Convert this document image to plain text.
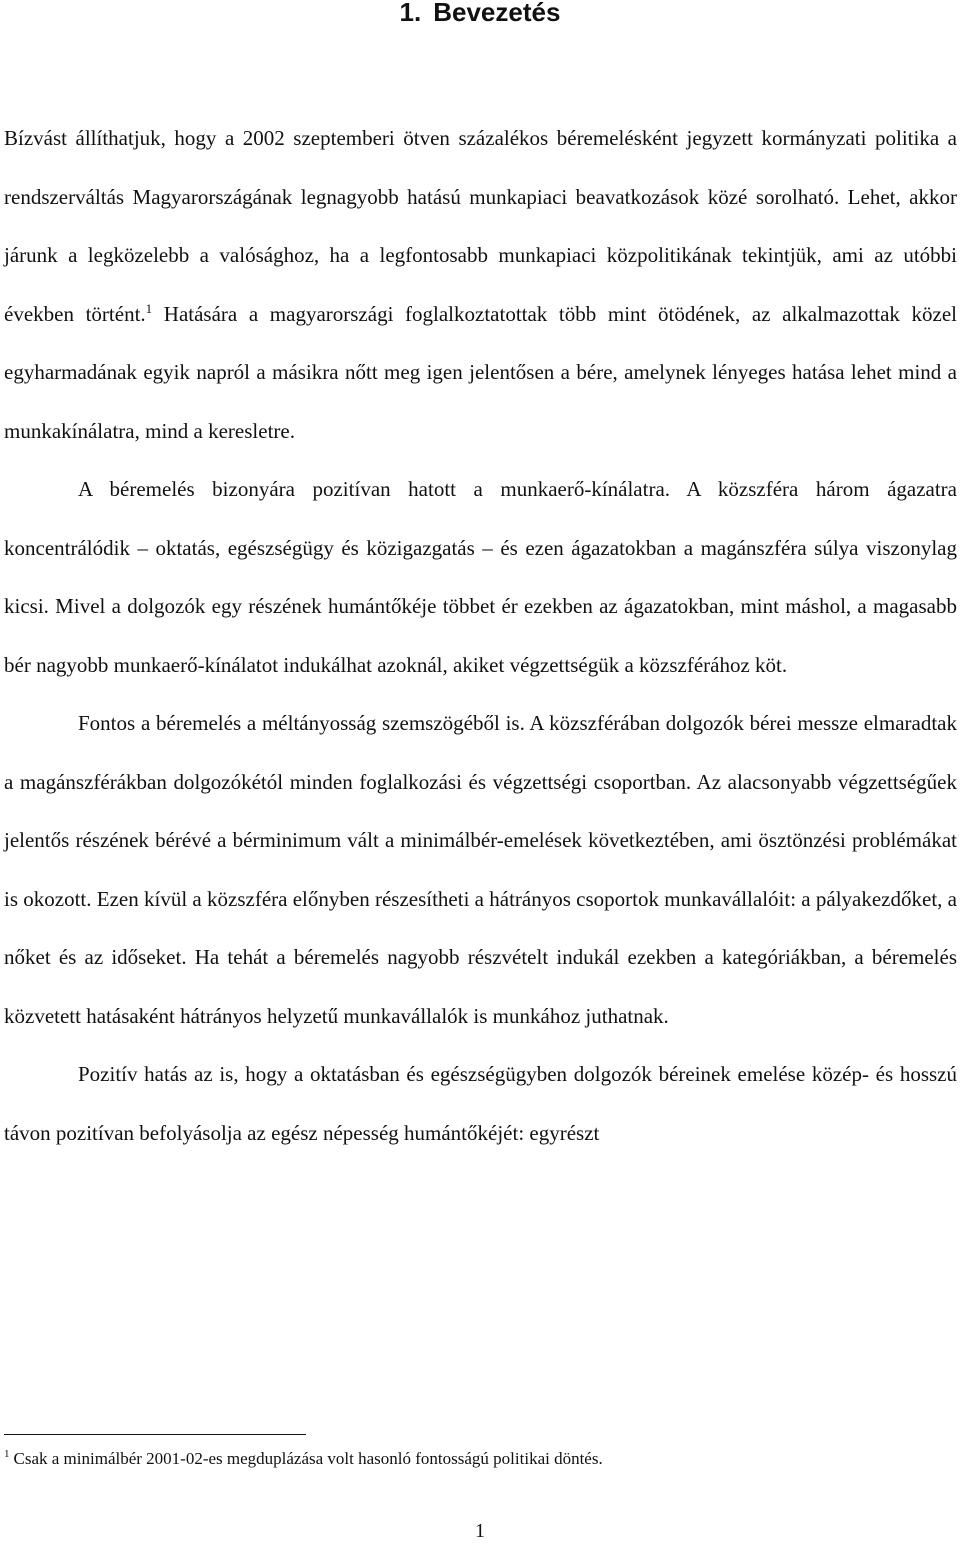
1. Bevezetés

Bízvást állíthatjuk, hogy a 2002 szeptemberi ötven százalékos béremelésként jegyzett kormányzati politika a rendszerváltás Magyarországának legnagyobb hatású munkapiaci beavatkozások közé sorolható. Lehet, akkor járunk a legközelebb a valósághoz, ha a legfontosabb munkapiaci közpolitikának tekintjük, ami az utóbbi években történt.$^1$ Hatására a magyarországi foglalkoztatottak több mint ötödének, az alkalmazottak közel egyharmadának egyik napról a másikra nőtt meg igen jelentősen a bére, amelynek lényeges hatása lehet mind a munkakínálatra, mind a keresletre.

A béremelés bizonyára pozitívan hatott a munkaerő-kínálatra. A közszféra három ágazatra koncentrálódik – oktatás, egészségügy és közigazgatás – és ezen ágazatokban a magánszféra súlya viszonylag kicsi. Mivel a dolgozók egy részének humántőkéje többet ér ezekben az ágazatokban, mint máshol, a magasabb bér nagyobb munkaerő-kínálatot indukálhat azoknál, akiket végzettségük a közszférához köt.

Fontos a béremelés a méltányosság szemszögéből is. A közszférában dolgozók bérei messze elmaradtak a magánszférákban dolgozókétól minden foglalkozási és végzettségi csoportban. Az alacsonyabb végzettségűek jelentős részének bérévé a bérminimum vált a minimálbér-emelések következtében, ami ösztönzési problémákat is okozott. Ezen kívül a közszféra előnyben részesítheti a hátrányos csoportok munkavállalóit: a pályakezdőket, a nőket és az időseket. Ha tehát a béremelés nagyobb részvételt indukál ezekben a kategóriákban, a béremelés közvetett hatásaként hátrányos helyzetű munkavállalók is munkához juthatnak.

Pozitív hatás az is, hogy a oktatásban és egészségügyben dolgozók béreinek emelése közép- és hosszú távon pozitívan befolyásolja az egész népesség humántőkéjét: egyrészt

$^1$ Csak a minimálbér 2001-02-es megduplázása volt hasonló fontosságú politikai döntés.
1
